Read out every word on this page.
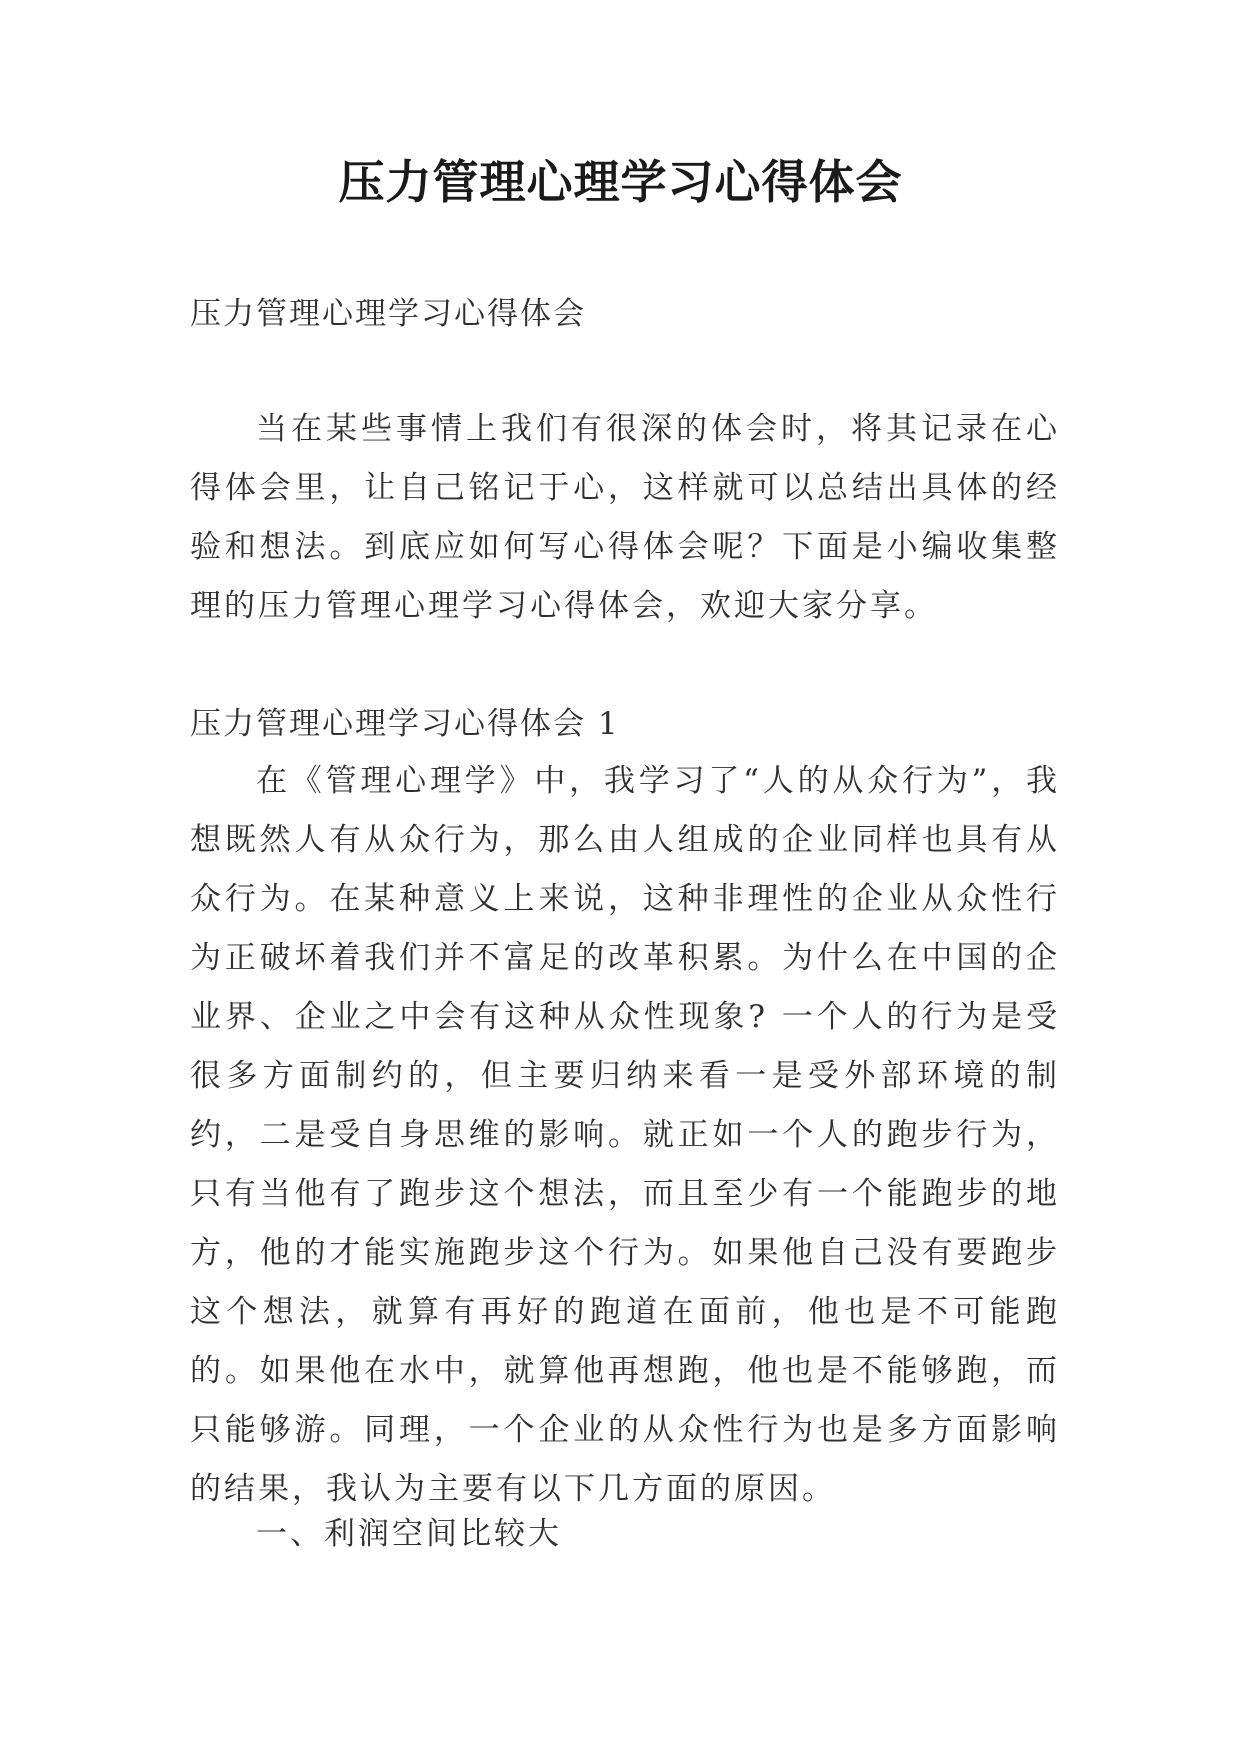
压力管理心理学习心得体会

压力管理心理学习心得体会

当在某些事情上我们有很深的体会时，将其记录在心得体会里，让自己铭记于心，这样就可以总结出具体的经验和想法。到底应如何写心得体会呢？下面是小编收集整理的压力管理心理学习心得体会，欢迎大家分享。

压力管理心理学习心得体会 1

在《管理心理学》中，我学习了“人的从众行为”，我想既然人有从众行为，那么由人组成的企业同样也具有从众行为。在某种意义上来说，这种非理性的企业从众性行为正破坏着我们并不富足的改革积累。为什么在中国的企业界、企业之中会有这种从众性现象? 一个人的行为是受很多方面制约的，但主要归纳来看一是受外部环境的制约，二是受自身思维的影响。就正如一个人的跑步行为，只有当他有了跑步这个想法，而且至少有一个能跑步的地方，他的才能实施跑步这个行为。如果他自己没有要跑步这个想法，就算有再好的跑道在面前，他也是不可能跑的。如果他在水中，就算他再想跑，他也是不能够跑，而只能够游。同理，一个企业的从众性行为也是多方面影响的结果，我认为主要有以下几方面的原因。

一、利润空间比较大
